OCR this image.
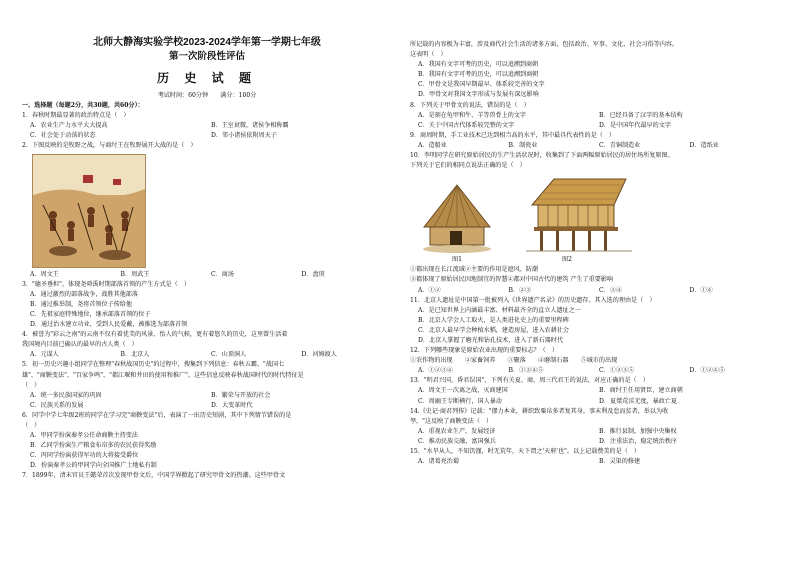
北师大静海实验学校2023-2024学年第一学期七年级
第一次阶段性评估
历 史 试 题
考试时间：60分钟　　满分：100分
一、选择题（每题2分，共30题，共60分）：
1．春秋时期最显著的政治特点是（　）
A．农业生产力水平大大提高	B．王室衰微，诸侯争相称霸
C．社会处于动荡的状态	D．邻小诸侯依附周天子
2．下图反映的是牧野之战，与商纣王在牧野展开大战的是（　）
A．周文王	B．周武王	C．商汤	D．盘庚
3．"德圣垂担"，体现尧舜禹时期部落首领的产生方式是（　）
A．通过激烈的部落战争，战胜其他部落
B．通过推举制，尧将首领位子传给他
C．先祖家庭特殊地位，继承部落首领的位子
D．通过治水建立功业，受到人民爱戴，被推选为部落首领
4．被誉为"彩云之南"的云南不仅有着优美的风景、怡人的气候，更有着悠久的历史，这里曾生活着
我国境内目前已确认的最早的古人类（　）
A．元谋人	B．北京人	C．山顶洞人	D．河姆渡人
5．初一历史兴趣小组同学在整理"春秋战国历史"的过程中，搜集到下列信息：春秋五霸、"战国七
雄"、"商鞅变法"、"百家争鸣"、"都江堰和井田的使用和推广"。这些信息反映春秋战国时代的时代特征是
（　）
A．统一多民族国家的巩固	B．繁荣与开放的社会
C．民族关系的发展	D．大变革时代
6．同学中学七年级2班的同学在学习完"商鞅变法"后，表演了一出历史短剧，其中下列情节错误的是
（　）
A．甲同学扮演秦孝公任命商鞅主持变法
B．乙同学扮演生产粮食布帛多的农民获得奖励
C．丙同学扮演获得军功的大将接受爵位
D．扮演秦孝公的甲同学向全国推广土地私有制
7．1899年，清末官员王懿荣首次发现甲骨文后，中国学界掀起了研究甲骨文的热潮。这些甲骨文
所记载的内容极为丰富，涉及商代社会生活的诸多方面，包括政治、军事、文化、社会习俗等内容。
这表明（　）
A．我国有文字可考的历史，可以追溯到商朝
B．我国有文字可考的历史，可以追溯到商朝
C．甲骨文是我国早期最早、体系较完善的文字
D．甲骨文对我国文字形成与发展有深远影响
8．下列关于甲骨文的说法，错误的是（　）
A．是刻在龟甲和牛、羊等兽骨上的文字	B．已经具备了汉字的基本结构
C．关于中国古代体系较完整的文字	D．是中国年代最早的文字
9．商周时期，手工业技术已达到相当高的水平，其中最具代表性的是（　）
A．造船业	B．制瓷业	C．青铜制造业	D．造纸业
10．李明同学在研究原始居民的生产生活状况时，收集到了下面两幅原始居民的居住场所复原图。
下列关于它们的相同点说法正确的是（　）
图1	图2
①都出现在长江流域②主要的作用是遮风、防潮
③都体现了原始居民因地制宜的智慧④都对中国古代的建筑 产生了重要影响
A．①②	B．②③	C．③④	D．①④
11．北京人遗址是中国第一批被列入《世界遗产名录》的历史遗存。其入选的理由是（　）
A．是已知世界上内涵最丰富、材料最齐全的直立人遗址之一
B．北京人学会人工取火，是人类进化史上的重要里程碑
C．北京人最早学会种植水稻，建造房屋，进入农耕社会
D．北京人掌握了磨光和钻孔技术，进入了新石器时代
12．下列哪些现象是原始农业出现的重要标志？（　）
①农作物的出现　　②家畜饲养　　③聚落　　④磨制石器　　⑤城市的出现
A．①②③④	B．①③④⑤	C．①②③⑤	D．①②④⑤
13．"明君兴国，昏君误国"，下列有关夏、商、周三代君王的说法，对应正确的是（　）
A．周文王一次离之战，灭商建国	B．商纣王任用贤臣，建立商朝
C．周幽王专断横行，国人暴动	D．夏桀荒淫无度，暴政亡夏
14.《史记·商君列传》记载："僇力本业，耕织致粟帛多者复其身。事末利及怠而贫者，举以为收
孥。"这反映了商鞅变法（　）
A．重视农业生产，发展经济	B．推行县制，加强中央集权
C．推动民族交融，富国强兵	D．注重法治，稳定统治秩序
15．"水旱从人，不知饥馑，时无荒年，天下谓之'天府'也"。以上记载赞美的是（　）
A．诸葛亮治蜀	B．灵渠的修建
